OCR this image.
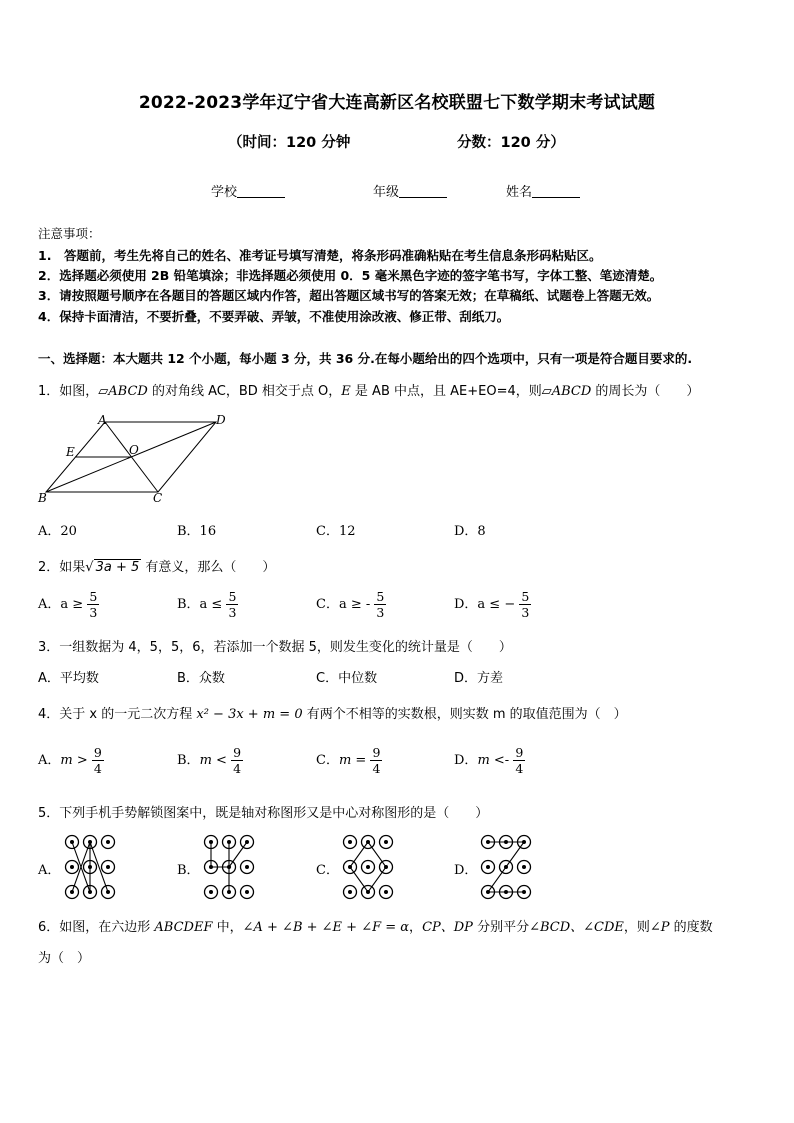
2022-2023学年辽宁省大连高新区名校联盟七下数学期末考试试题
（时间：120 分钟	分数：120 分）
学校	年级	姓名
注意事项：
1.　答题前，考生先将自己的姓名、准考证号填写清楚，将条形码准确粘贴在考生信息条形码粘贴区。
2．选择题必须使用 2B 铅笔填涂；非选择题必须使用 0．5 毫米黑色字迹的签字笔书写，字体工整、笔迹清楚。
3．请按照题号顺序在各题目的答题区域内作答，超出答题区域书写的答案无效；在草稿纸、试题卷上答题无效。
4．保持卡面清洁，不要折叠，不要弄破、弄皱，不准使用涂改液、修正带、刮纸刀。
一、选择题：本大题共 12 个小题，每小题 3 分，共 36 分.在每小题给出的四个选项中，只有一项是符合题目要求的.
1．如图，▱ABCD 的对角线 AC，BD 相交于点 O，E 是 AB 中点，且 AE+EO=4，则▱ABCD 的周长为（　　）
A	D
E	O
B	C
A．20	B．16	C．12	D．8
2．如果√ 3a + 5 有意义，那么（　　）
A．$a \ge \frac{5}{3}$	B．$a \le \frac{5}{3}$	C．a ≥ - $\frac{5}{3}$	D．a ≤ − $\frac{5}{3}$
3．一组数据为 4，5，5，6，若添加一个数据 5，则发生变化的统计量是（　　）
A．平均数	B．众数	C．中位数	D．方差
4．关于 x 的一元二次方程 x² − 3x + m = 0 有两个不相等的实数根，则实数 m 的取值范围为（　）
A．$m > \frac{9}{4}$	B．$m < \frac{9}{4}$	C．$m = \frac{9}{4}$	D．$m <- \frac{9}{4}$
5．下列手机手势解锁图案中，既是轴对称图形又是中心对称图形的是（　　）
A．	B．	C．	D．
6．如图，在六边形 ABCDEF 中，∠A + ∠B + ∠E + ∠F = α，CP、DP 分别平分∠BCD、∠CDE，则∠P 的度数
为（　）
